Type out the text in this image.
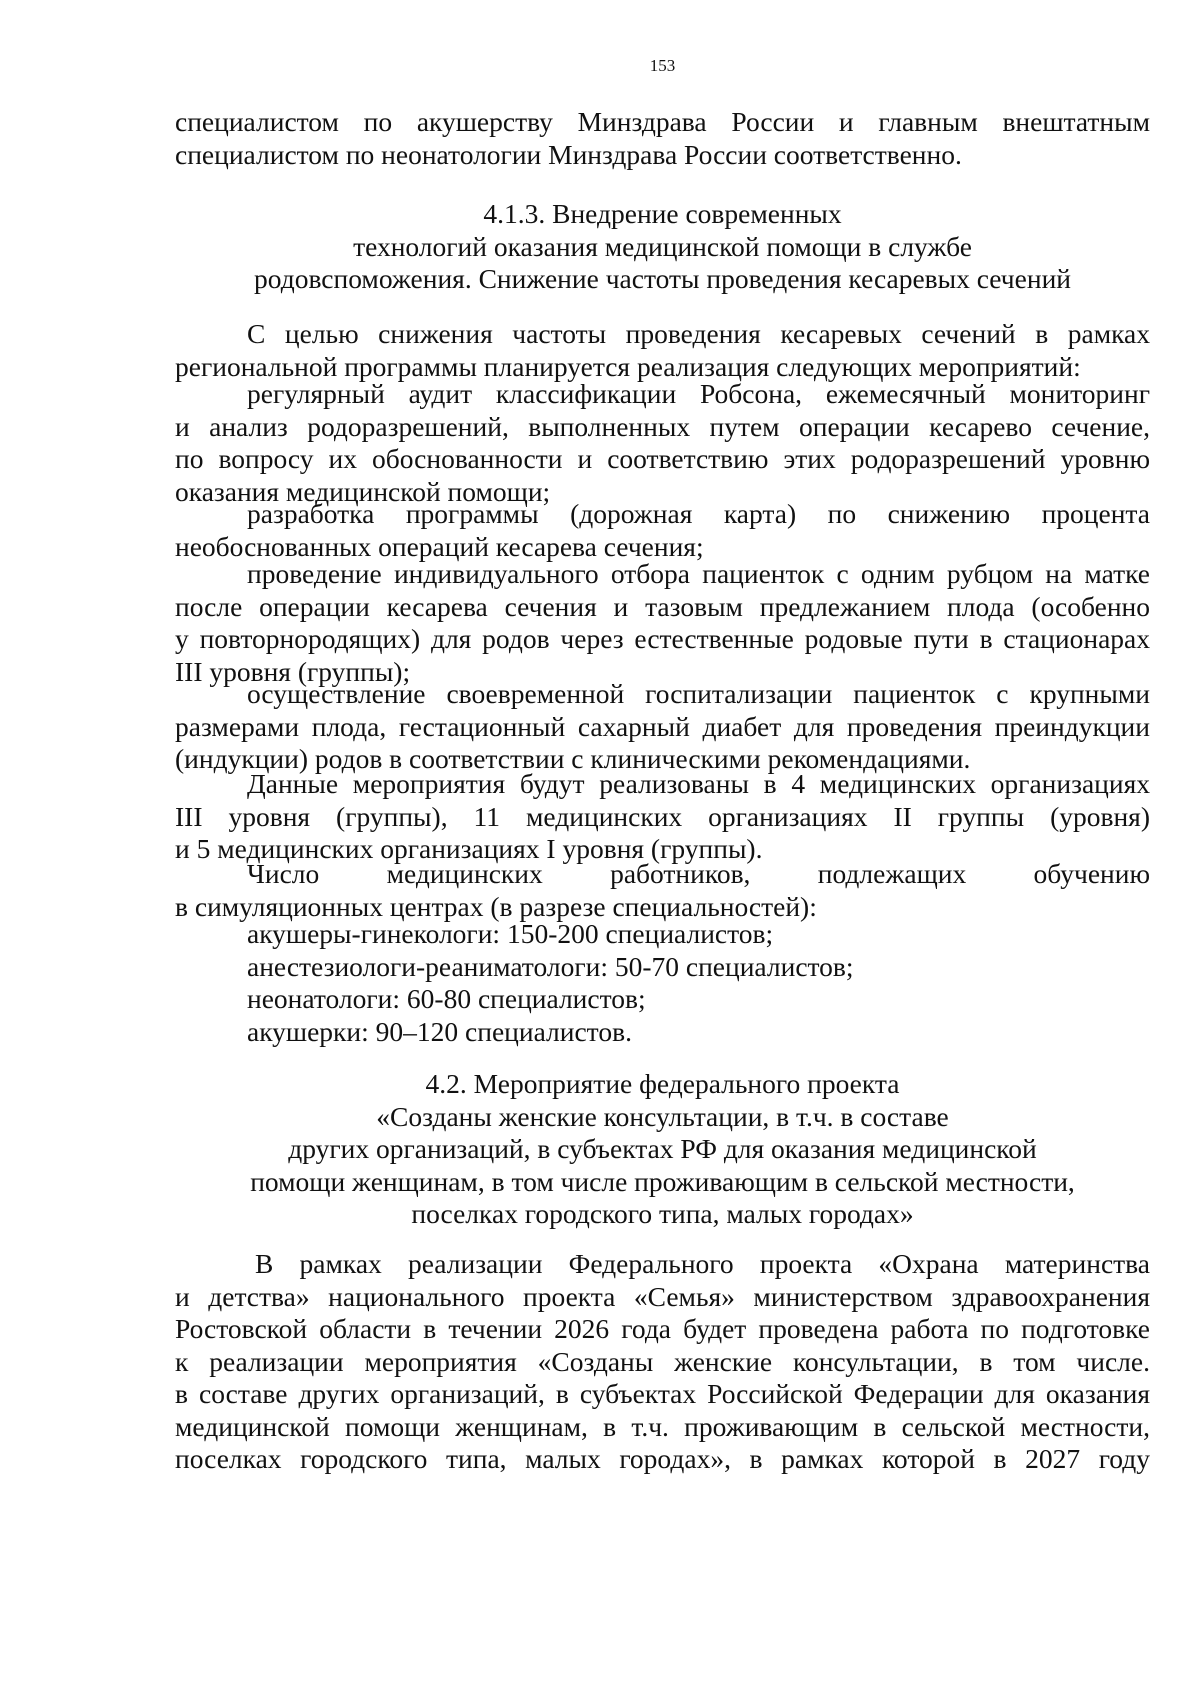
153
специалистом по акушерству Минздрава России и главным внештатным
специалистом по неонатологии Минздрава России соответственно.
4.1.3. Внедрение современных
технологий оказания медицинской помощи в службе
родовспоможения. Снижение частоты проведения кесаревых сечений
С целью снижения частоты проведения кесаревых сечений в рамках
региональной программы планируется реализация следующих мероприятий:
регулярный аудит классификации Робсона, ежемесячный мониторинг
и анализ родоразрешений, выполненных путем операции кесарево сечение,
по вопросу их обоснованности и соответствию этих родоразрешений уровню
оказания медицинской помощи;
разработка программы (дорожная карта) по снижению процента
необоснованных операций кесарева сечения;
проведение индивидуального отбора пациенток с одним рубцом на матке
после операции кесарева сечения и тазовым предлежанием плода (особенно
у повторнородящих) для родов через естественные родовые пути в стационарах
III уровня (группы);
осуществление своевременной госпитализации пациенток с крупными
размерами плода, гестационный сахарный диабет для проведения преиндукции
(индукции) родов в соответствии с клиническими рекомендациями.
Данные мероприятия будут реализованы в 4 медицинских организациях
III уровня (группы), 11 медицинских организациях II группы (уровня)
и 5 медицинских организациях I уровня (группы).
Число медицинских работников, подлежащих обучению
в симуляционных центрах (в разрезе специальностей):
акушеры-гинекологи: 150-200 специалистов;
анестезиологи-реаниматологи: 50-70 специалистов;
неонатологи: 60-80 специалистов;
акушерки: 90–120 специалистов.
4.2. Мероприятие федерального проекта
«Созданы женские консультации, в т.ч. в составе
других организаций, в субъектах РФ для оказания медицинской
помощи женщинам, в том числе проживающим в сельской местности,
поселках городского типа, малых городах»
В рамках реализации Федерального проекта «Охрана материнства
и детства» национального проекта «Семья» министерством здравоохранения
Ростовской области в течении 2026 года будет проведена работа по подготовке
к реализации мероприятия «Созданы женские консультации, в том числе.
в составе других организаций, в субъектах Российской Федерации для оказания
медицинской помощи женщинам, в т.ч. проживающим в сельской местности,
поселках городского типа, малых городах», в рамках которой в 2027 году
